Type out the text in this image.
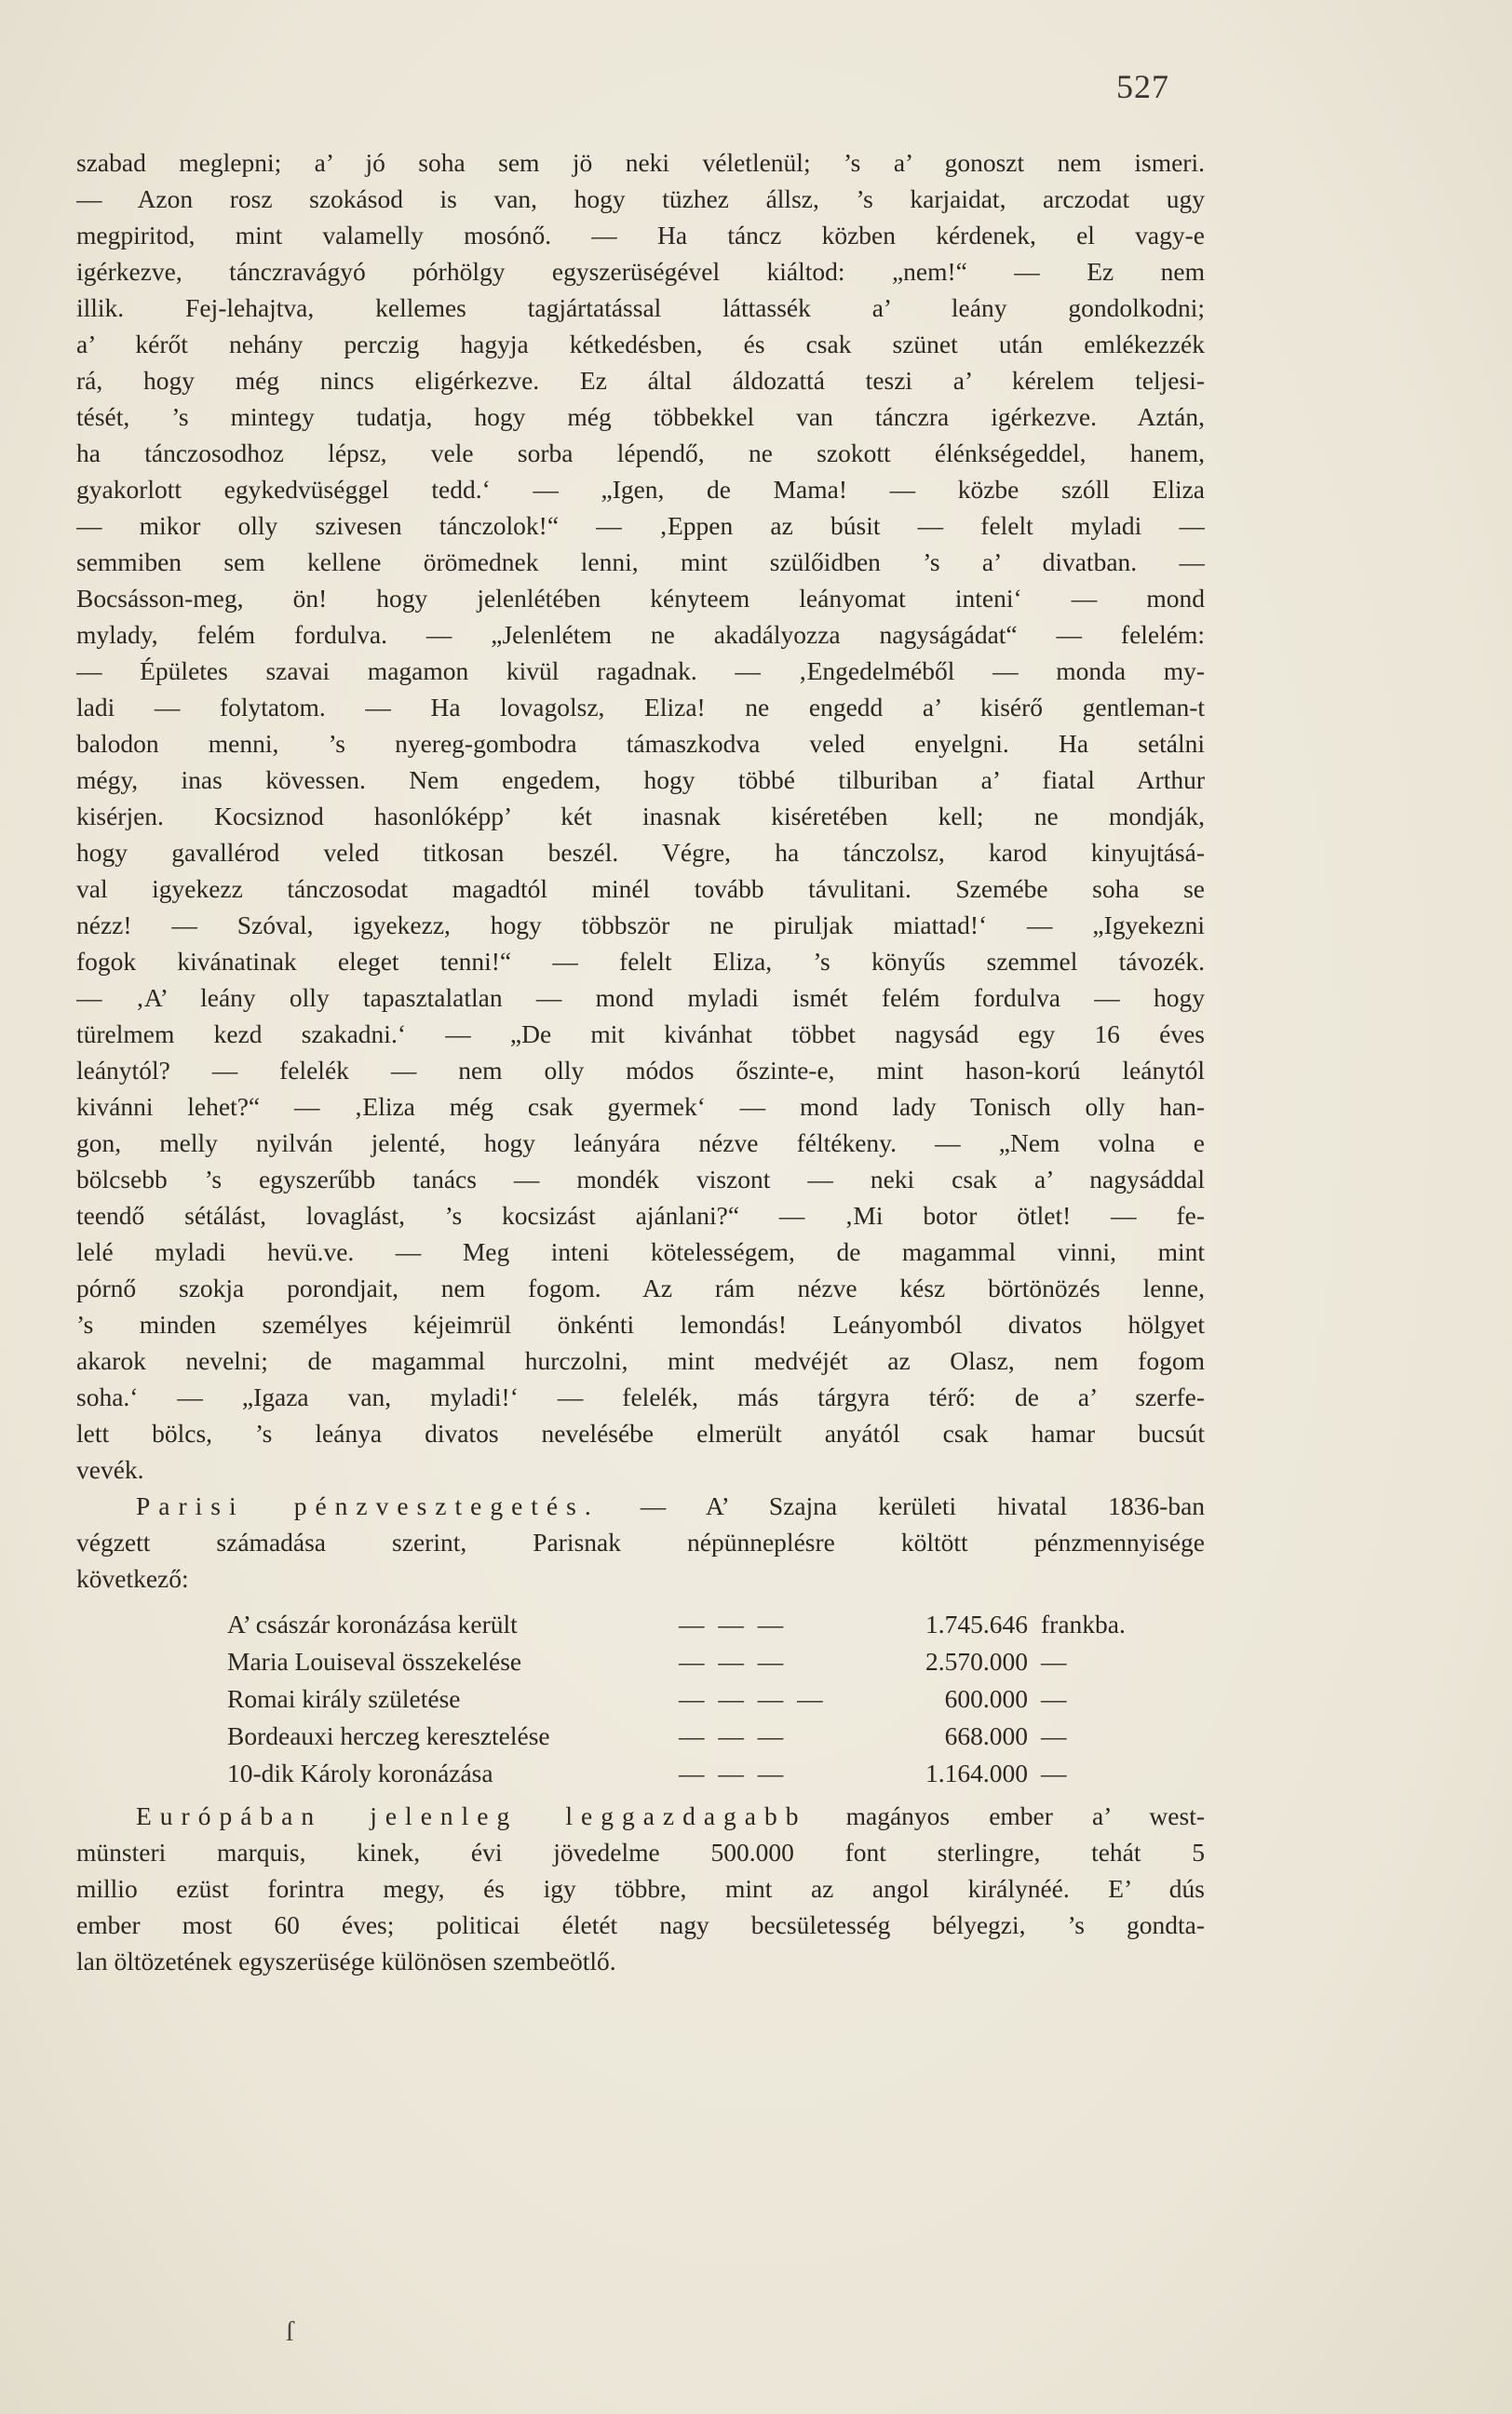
527
szabad meglepni; a’ jó soha sem jö neki véletlenül; ’s a’ gonoszt nem ismeri.
— Azon rosz szokásod is van, hogy tüzhez állsz, ’s karjaidat, arczodat ugy
megpiritod, mint valamelly mosónő. — Ha táncz közben kérdenek, el vagy-e
igérkezve, tánczravágyó pórhölgy egyszerüségével kiáltod: „nem!“ — Ez nem
illik. Fej-lehajtva, kellemes tagjártatással láttassék a’ leány gondolkodni;
a’ kérőt nehány perczig hagyja kétkedésben, és csak szünet után emlékezzék
rá, hogy még nincs eligérkezve. Ez által áldozattá teszi a’ kérelem teljesi-
tését, ’s mintegy tudatja, hogy még többekkel van tánczra igérkezve. Aztán,
ha tánczosodhoz lépsz, vele sorba lépendő, ne szokott élénkségeddel, hanem,
gyakorlott egykedvüséggel tedd.‘ — „Igen, de Mama! — közbe szóll Eliza
— mikor olly szivesen tánczolok!“ — ‚Eppen az búsit — felelt myladi —
semmiben sem kellene örömednek lenni, mint szülőidben ’s a’ divatban. —
Bocsásson-meg, ön! hogy jelenlétében kényteem leányomat inteni‘ — mond
mylady, felém fordulva. — „Jelenlétem ne akadályozza nagyságádat“ — felelém:
— Épületes szavai magamon kivül ragadnak. — ‚Engedelméből — monda my-
ladi — folytatom. — Ha lovagolsz, Eliza! ne engedd a’ kisérő gentleman-t
balodon menni, ’s nyereg-gombodra támaszkodva veled enyelgni. Ha setálni
mégy, inas kövessen. Nem engedem, hogy többé tilburiban a’ fiatal Arthur
kisérjen. Kocsiznod hasonlóképp’ két inasnak kiséretében kell; ne mondják,
hogy gavallérod veled titkosan beszél. Végre, ha tánczolsz, karod kinyujtásá-
val igyekezz tánczosodat magadtól minél tovább távulitani. Szemébe soha se
nézz! — Szóval, igyekezz, hogy többször ne piruljak miattad!‘ — „Igyekezni
fogok kivánatinak eleget tenni!“ — felelt Eliza, ’s könyűs szemmel távozék.
— ‚A’ leány olly tapasztalatlan — mond myladi ismét felém fordulva — hogy
türelmem kezd szakadni.‘ — „De mit kivánhat többet nagysád egy 16 éves
leánytól? — felelék — nem olly módos őszinte-e, mint hason-korú leánytól
kivánni lehet?“ — ‚Eliza még csak gyermek‘ — mond lady Tonisch olly han-
gon, melly nyilván jelenté, hogy leányára nézve féltékeny. — „Nem volna e
bölcsebb ’s egyszerűbb tanács — mondék viszont — neki csak a’ nagysáddal
teendő sétálást, lovaglást, ’s kocsizást ajánlani?“ — ‚Mi botor ötlet! — fe-
lelé myladi hevü.ve. — Meg inteni kötelességem, de magammal vinni, mint
pórnő szokja porondjait, nem fogom. Az rám nézve kész börtönözés lenne,
’s minden személyes kéjeimrül önkénti lemondás! Leányomból divatos hölgyet
akarok nevelni; de magammal hurczolni, mint medvéjét az Olasz, nem fogom
soha.‘ — „Igaza van, myladi!‘ — felelék, más tárgyra térő: de a’ szerfe-
lett bölcs, ’s leánya divatos nevelésébe elmerült anyától csak hamar bucsút
vevék.
Parisi pénzvesztegetés. — A’ Szajna kerületi hivatal 1836-ban
végzett számadása szerint, Parisnak népünneplésre költött pénzmennyisége
következő:
A’ császár koronázása került	— — —	1.745.646 frankba.
Maria Louiseval összekelése	— — —	2.570.000 —
Romai király születése	— — — —	600.000 —
Bordeauxi herczeg keresztelése	— — —	668.000 —
10-dik Károly koronázása	— — —	1.164.000 —
Európában jelenleg leggazdagabb magányos ember a’ west-
münsteri marquis, kinek, évi jövedelme 500.000 font sterlingre, tehát 5
millio ezüst forintra megy, és igy többre, mint az angol királynéé. E’ dús
ember most 60 éves; politicai életét nagy becsületesség bélyegzi, ’s gondta-
lan öltözetének egyszerüsége különösen szembeötlő.
ſ
